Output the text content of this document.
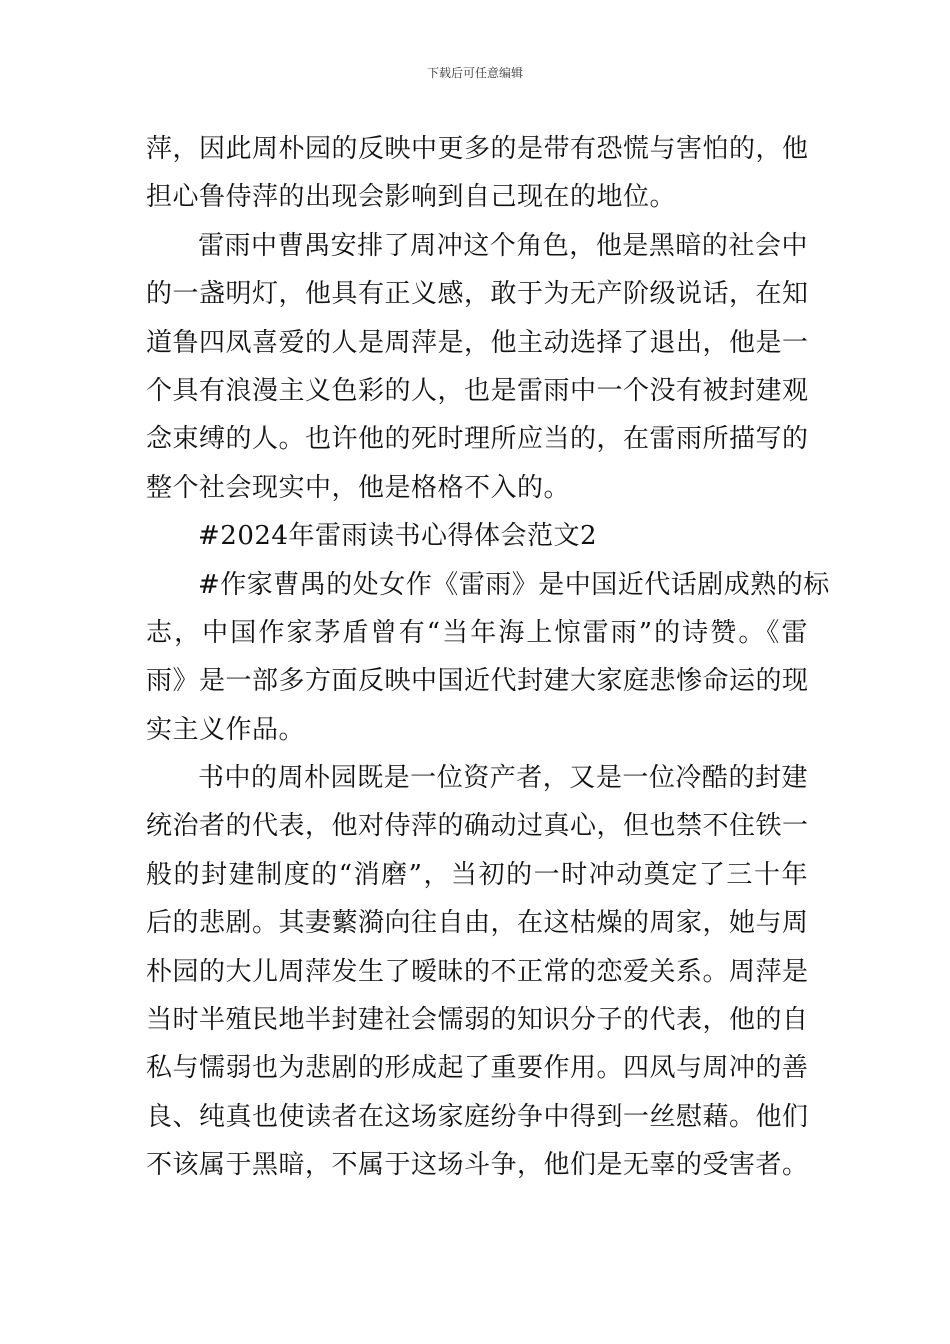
下载后可任意编辑
萍，因此周朴园的反映中更多的是带有恐慌与害怕的，他
担心鲁侍萍的出现会影响到自己现在的地位。
雷雨中曹禺安排了周冲这个角色，他是黑暗的社会中
的一盏明灯，他具有正义感，敢于为无产阶级说话，在知
道鲁四凤喜爱的人是周萍是，他主动选择了退出，他是一
个具有浪漫主义色彩的人，也是雷雨中一个没有被封建观
念束缚的人。也许他的死时理所应当的，在雷雨所描写的
整个社会现实中，他是格格不入的。
#2024年雷雨读书心得体会范文2
#作家曹禺的处女作《雷雨》是中国近代话剧成熟的标
志，中国作家茅盾曾有“当年海上惊雷雨”的诗赞。《雷
雨》是一部多方面反映中国近代封建大家庭悲惨命运的现
实主义作品。
书中的周朴园既是一位资产者，又是一位冷酷的封建
统治者的代表，他对侍萍的确动过真心，但也禁不住铁一
般的封建制度的“消磨”，当初的一时冲动奠定了三十年
后的悲剧。其妻蘩漪向往自由，在这枯燥的周家，她与周
朴园的大儿周萍发生了暧昧的不正常的恋爱关系。周萍是
当时半殖民地半封建社会懦弱的知识分子的代表，他的自
私与懦弱也为悲剧的形成起了重要作用。四凤与周冲的善
良、纯真也使读者在这场家庭纷争中得到一丝慰藉。他们
不该属于黑暗，不属于这场斗争，他们是无辜的受害者。
